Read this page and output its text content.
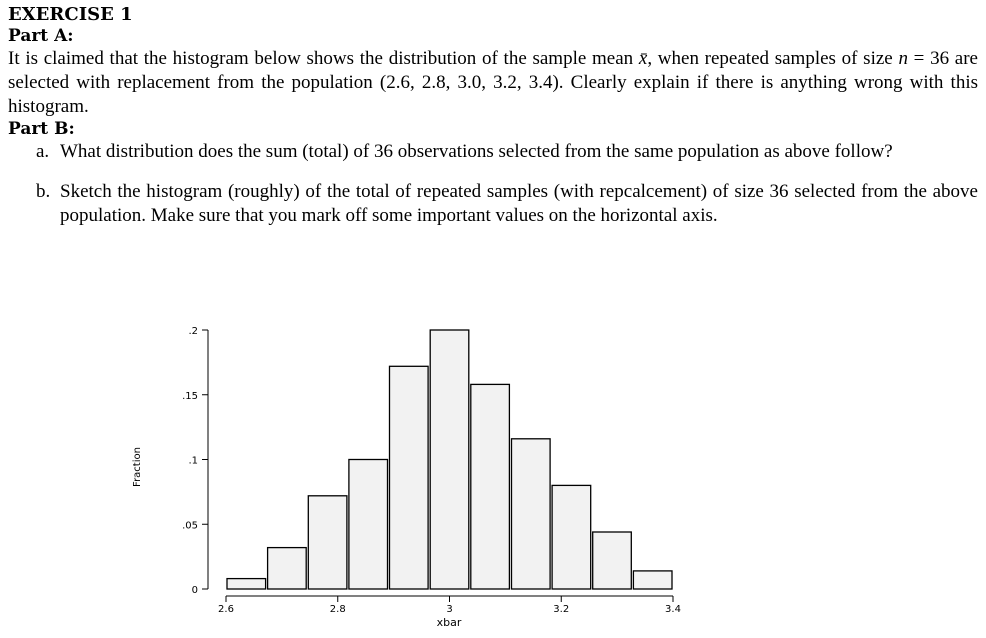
EXERCISE 1

Part A:

It is claimed that the histogram below shows the distribution of the sample mean x̄, when repeated samples of size n = 36 are selected with replacement from the population (2.6, 2.8, 3.0, 3.2, 3.4). Clearly explain if there is anything wrong with this histogram.

Part B:

a. What distribution does the sum (total) of 36 observations selected from the same population as above follow?
b. Sketch the histogram (roughly) of the total of repeated samples (with repcalcement) of size 36 selected from the above population. Make sure that you mark off some important values on the horizontal axis.
0
.05
.1
.15
.2
2.6	2.8	3	3.2	3.4
Fraction
xbar
